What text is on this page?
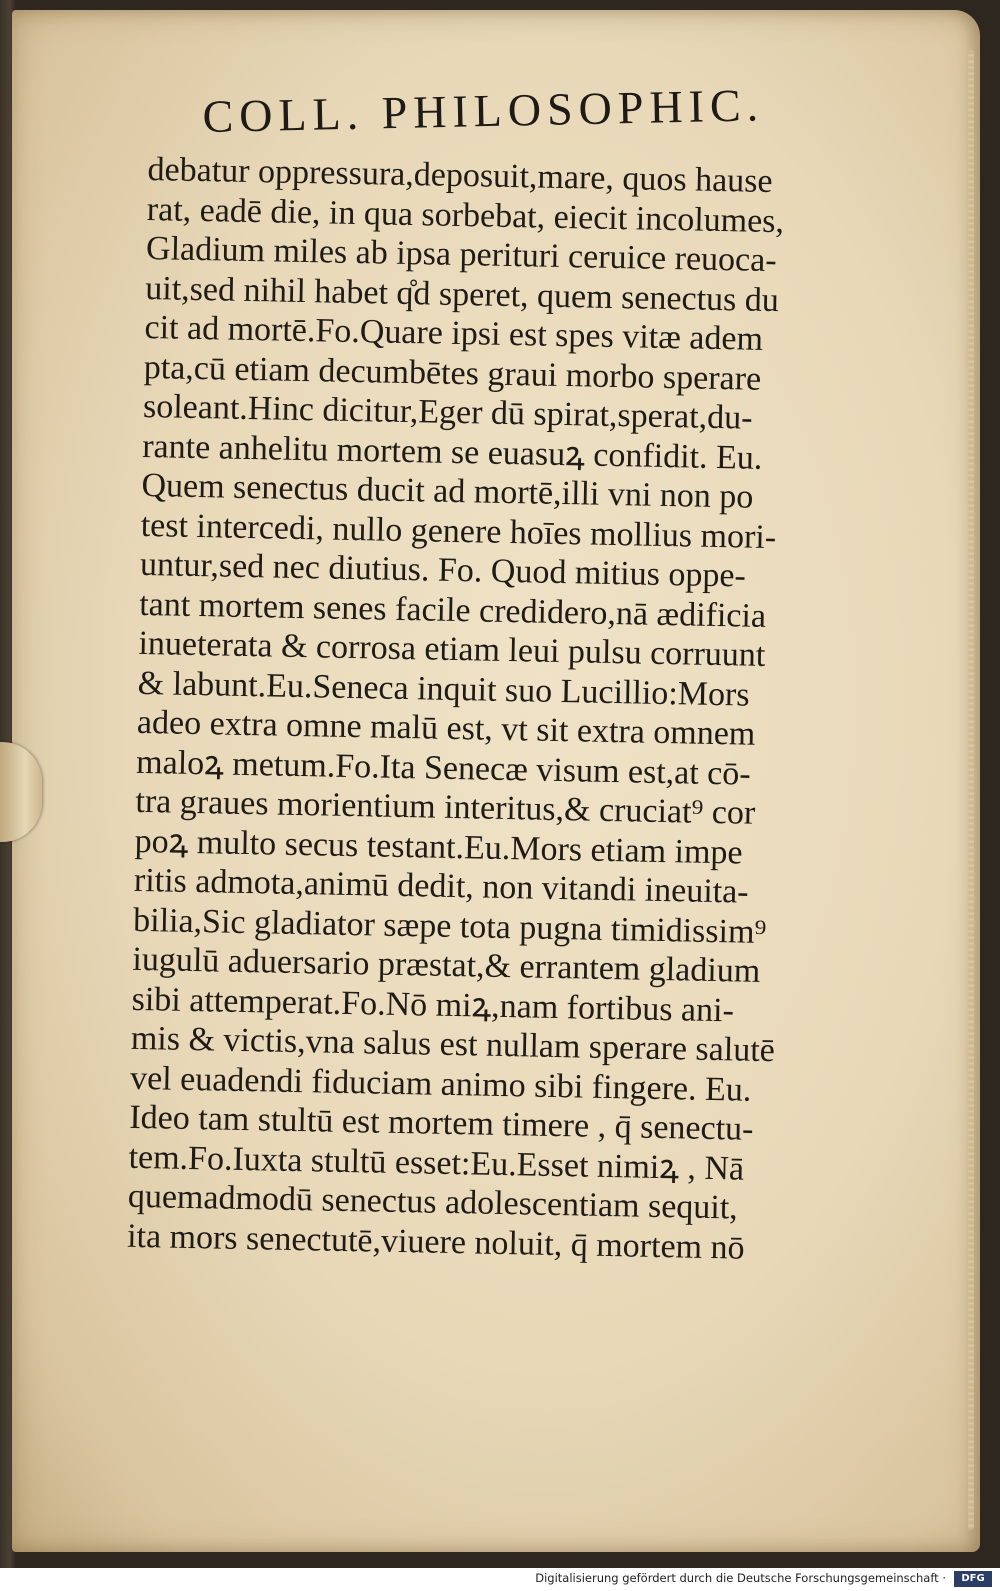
COLL. PHILOSOPHIC.
debatur oppressura,deposuit,mare, quos hause
rat, eadē die, in qua sorbebat, eiecit incolumes,
Gladium miles ab ipsa perituri ceruice reuoca-
uit,sed nihil habet q̊d speret, quem senectus du
cit ad mortē.Fo.Quare ipsi est spes vitæ adem
pta,cū etiam decumbētes graui morbo sperare
soleant.Hinc dicitur,Eger dū spirat,sperat,du-
rante anhelitu mortem se euasuꝝ confidit. Eu.
Quem senectus ducit ad mortē,illi vni non po
test intercedi, nullo genere hoīes mollius mori-
untur,sed nec diutius. Fo. Quod mitius oppe-
tant mortem senes facile credidero,nā ædificia
inueterata & corrosa etiam leui pulsu corruunt
& labunt.Eu.Seneca inquit suo Lucillio:Mors
adeo extra omne malū est, vt sit extra omnem
maloꝝ metum.Fo.Ita Senecæ visum est,at cō-
tra graues morientium interitus,& cruciat⁹ cor
poꝝ multo secus testant.Eu.Mors etiam impe
ritis admota,animū dedit, non vitandi ineuita-
bilia,Sic gladiator sæpe tota pugna timidissim⁹
iugulū aduersario præstat,& errantem gladium
sibi attemperat.Fo.Nō miꝝ,nam fortibus ani-
mis & victis,vna salus est nullam sperare salutē
vel euadendi fiduciam animo sibi fingere. Eu.
Ideo tam stultū est mortem timere , q̄ senectu-
tem.Fo.Iuxta stultū esset:Eu.Esset nimiꝝ , Nā
quemadmodū senectus adolescentiam sequit,
ita mors senectutē,viuere noluit, q̄ mortem nō
Digitalisierung gefördert durch die Deutsche Forschungsgemeinschaft ·	DFG
